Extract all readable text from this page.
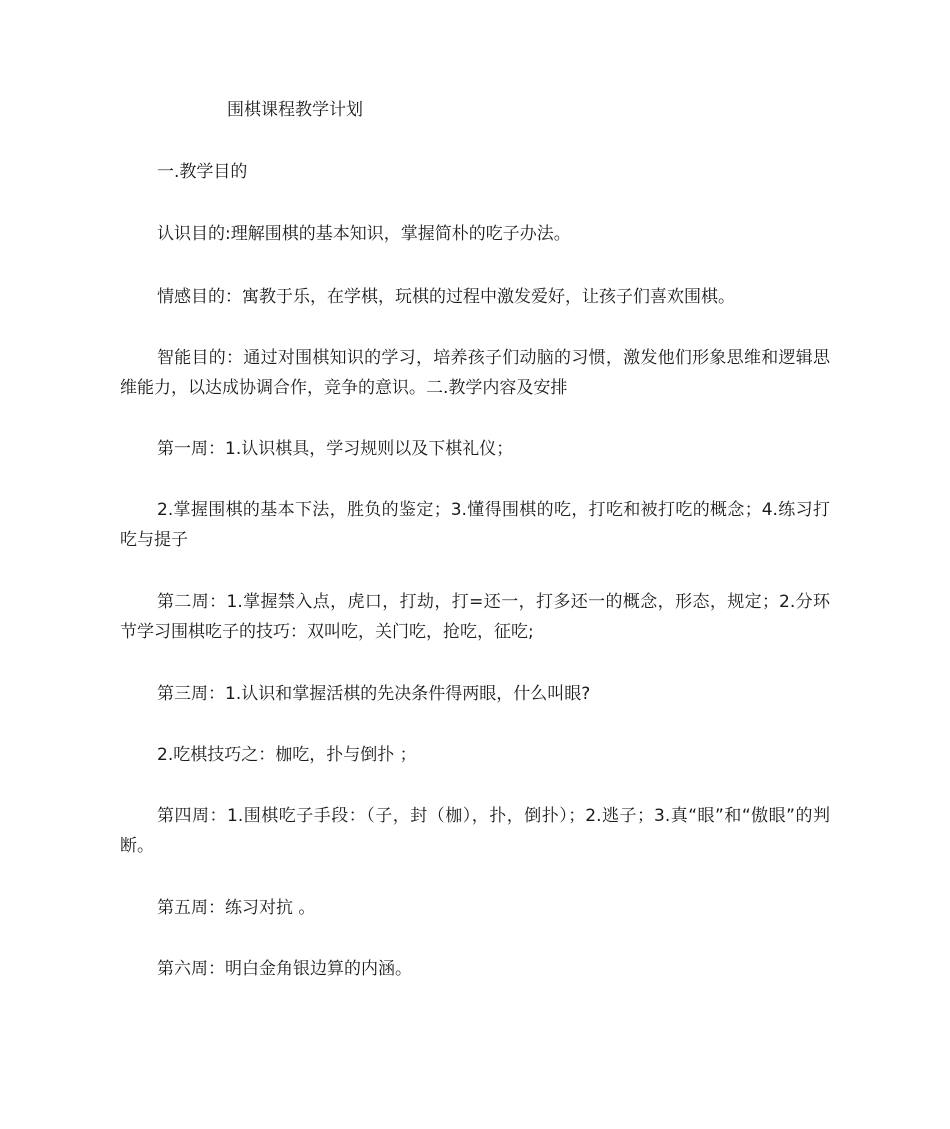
围棋课程教学计划

一.教学目的

认识目的:理解围棋的基本知识，掌握简朴的吃子办法。

情感目的：寓教于乐，在学棋，玩棋的过程中激发爱好，让孩子们喜欢围棋。

智能目的：通过对围棋知识的学习，培养孩子们动脑的习惯，激发他们形象思维和逻辑思维能力，以达成协调合作，竞争的意识。二.教学内容及安排

第一周：1.认识棋具，学习规则以及下棋礼仪；

2.掌握围棋的基本下法，胜负的鉴定；3.懂得围棋的吃，打吃和被打吃的概念；4.练习打吃与提子

第二周：1.掌握禁入点，虎口，打劫，打=还一，打多还一的概念，形态，规定；2.分环节学习围棋吃子的技巧：双叫吃，关门吃，抢吃，征吃;

第三周：1.认识和掌握活棋的先决条件得两眼，什么叫眼?

2.吃棋技巧之：枷吃，扑与倒扑 ；

第四周：1.围棋吃子手段：（子，封（枷），扑，倒扑）；2.逃子；3.真“眼”和“傲眼”的判断。

第五周：练习对抗 。

第六周：明白金角银边算的内涵。
